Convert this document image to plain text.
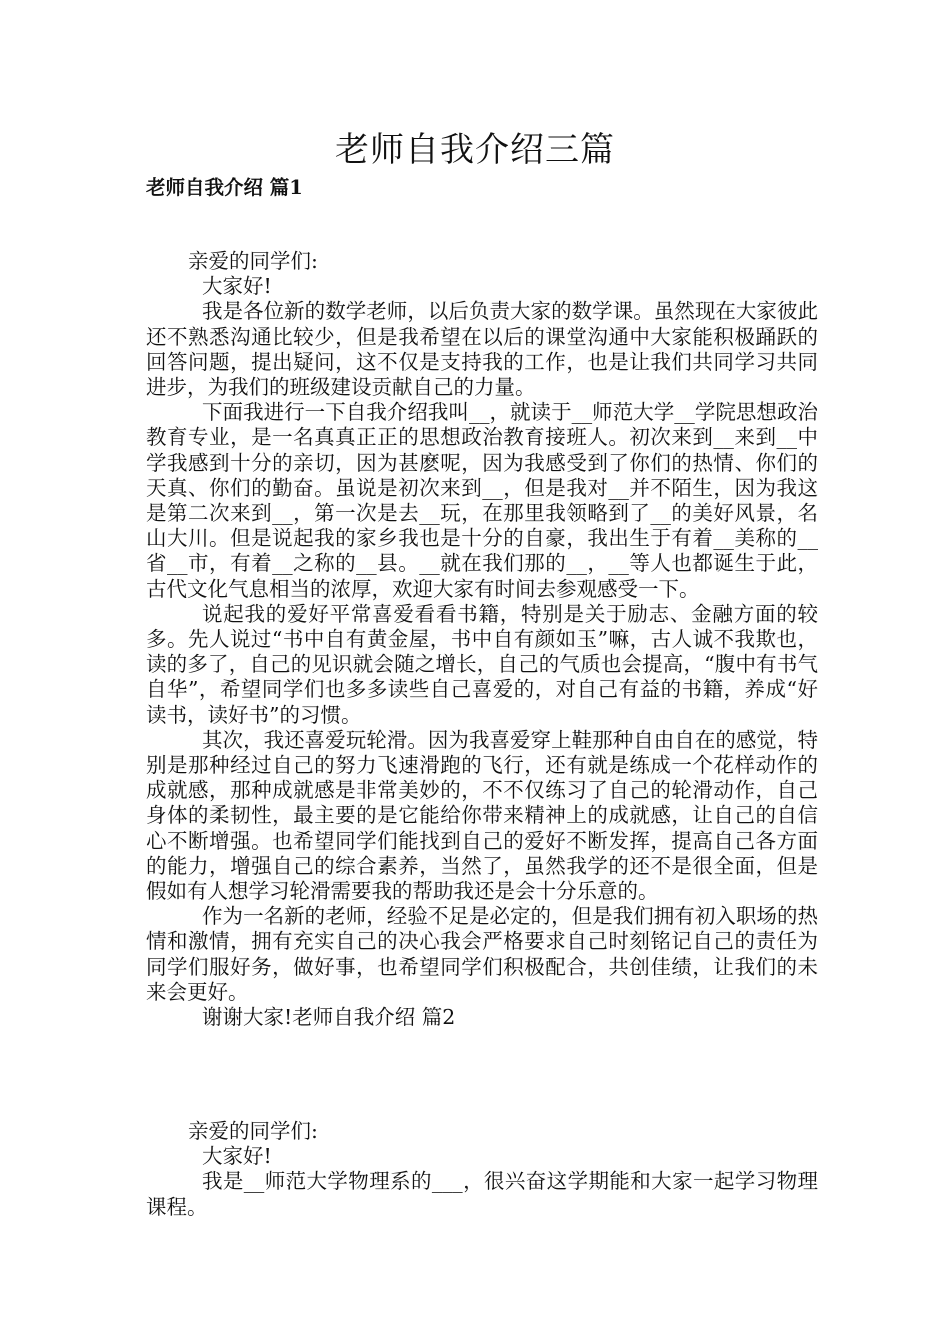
老师自我介绍三篇
老师自我介绍 篇1

亲爱的同学们:

大家好!

我是各位新的数学老师，以后负责大家的数学课。虽然现在大家彼此还不熟悉沟通比较少，但是我希望在以后的课堂沟通中大家能积极踊跃的回答问题，提出疑问，这不仅是支持我的工作，也是让我们共同学习共同进步，为我们的班级建设贡献自己的力量。

下面我进行一下自我介绍我叫__，就读于__师范大学__学院思想政治教育专业，是一名真真正正的思想政治教育接班人。初次来到__来到__中学我感到十分的亲切，因为甚麽呢，因为我感受到了你们的热情、你们的天真、你们的勤奋。虽说是初次来到__，但是我对__并不陌生，因为我这是第二次来到__，第一次是去__玩，在那里我领略到了__的美好风景，名山大川。但是说起我的家乡我也是十分的自豪，我出生于有着__美称的__省__市，有着__之称的__县。__就在我们那的__，__等人也都诞生于此，古代文化气息相当的浓厚，欢迎大家有时间去参观感受一下。

说起我的爱好平常喜爱看看书籍，特别是关于励志、金融方面的较多。先人说过“书中自有黄金屋，书中自有颜如玉”嘛，古人诚不我欺也，读的多了，自己的见识就会随之增长，自己的气质也会提高，“腹中有书气自华”，希望同学们也多多读些自己喜爱的，对自己有益的书籍，养成“好读书，读好书”的习惯。

其次，我还喜爱玩轮滑。因为我喜爱穿上鞋那种自由自在的感觉，特别是那种经过自己的努力飞速滑跑的飞行，还有就是练成一个花样动作的成就感，那种成就感是非常美妙的，不不仅练习了自己的轮滑动作，自己身体的柔韧性，最主要的是它能给你带来精神上的成就感，让自己的自信心不断增强。也希望同学们能找到自己的爱好不断发挥，提高自己各方面的能力，增强自己的综合素养，当然了，虽然我学的还不是很全面，但是假如有人想学习轮滑需要我的帮助我还是会十分乐意的。

作为一名新的老师，经验不足是必定的，但是我们拥有初入职场的热情和激情，拥有充实自己的决心我会严格要求自己时刻铭记自己的责任为同学们服好务，做好事，也希望同学们积极配合，共创佳绩，让我们的未来会更好。

谢谢大家!老师自我介绍 篇2

亲爱的同学们:

大家好!

我是__师范大学物理系的___，很兴奋这学期能和大家一起学习物理课程。
